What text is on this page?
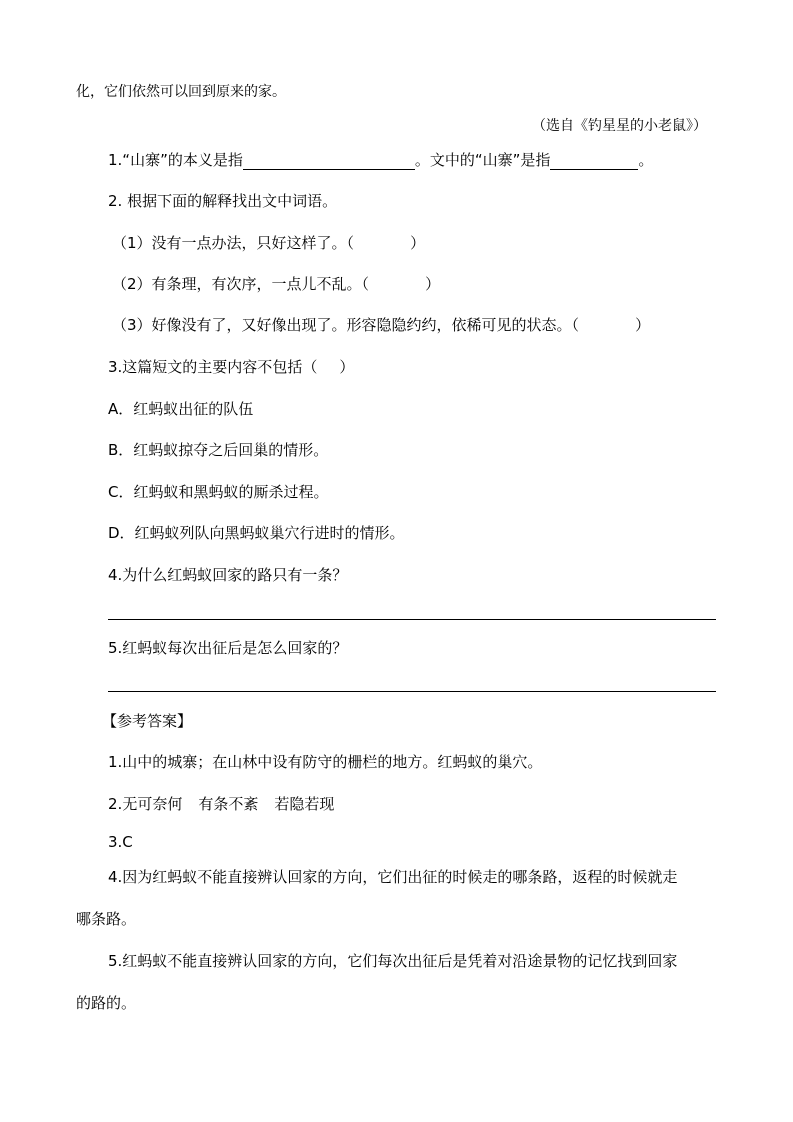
化，它们依然可以回到原来的家。
（选自《钓星星的小老鼠》）
1.“山寨”的本义是指	。文中的“山寨”是指	。
2. 根据下面的解释找出文中词语。
（1）没有一点办法，只好这样了。（	）
（2）有条理，有次序，一点儿不乱。（	）
（3）好像没有了，又好像出现了。形容隐隐约约，依稀可见的状态。（	）
3.这篇短文的主要内容不包括（ ）
A．红蚂蚁出征的队伍
B．红蚂蚁掠夺之后回巢的情形。
C．红蚂蚁和黑蚂蚁的厮杀过程。
D．红蚂蚁列队向黑蚂蚁巢穴行进时的情形。
4.为什么红蚂蚁回家的路只有一条？
5.红蚂蚁每次出征后是怎么回家的？
【参考答案】
1.山中的城寨；在山林中设有防守的栅栏的地方。红蚂蚁的巢穴。
2.无可奈何 有条不紊 若隐若现
3.C
4.因为红蚂蚁不能直接辨认回家的方向，它们出征的时候走的哪条路，返程的时候就走
哪条路。
5.红蚂蚁不能直接辨认回家的方向，它们每次出征后是凭着对沿途景物的记忆找到回家
的路的。
